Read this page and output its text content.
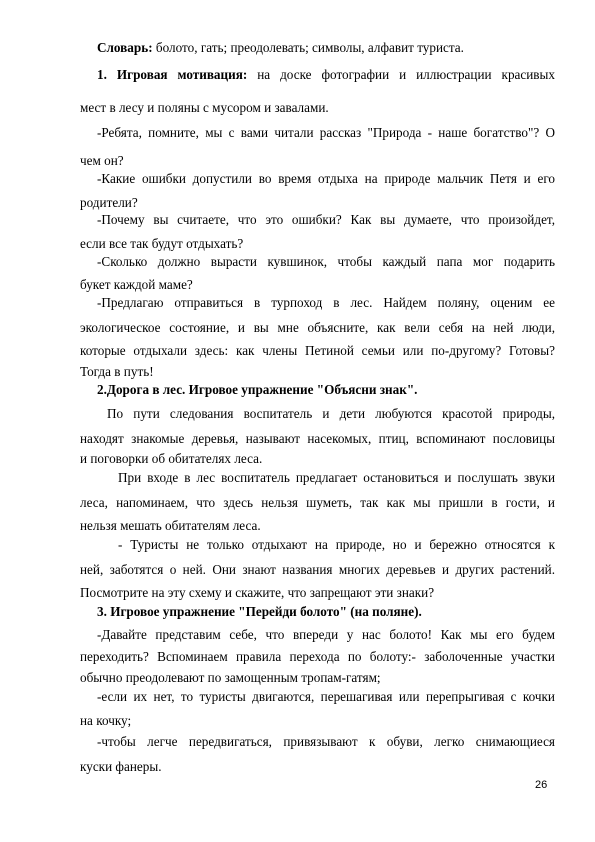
Словарь: болото, гать; преодолевать; символы, алфавит туриста.
1. Игровая мотивация: на доске фотографии и иллюстрации красивых
мест в лесу и поляны с мусором и завалами.
-Ребята, помните, мы с вами читали рассказ "Природа - наше богатство"? О
чем он?
-Какие ошибки допустили во время отдыха на природе мальчик Петя и его
родители?
-Почему вы считаете, что это ошибки? Как вы думаете, что произойдет,
если все так будут отдыхать?
-Сколько должно вырасти кувшинок, чтобы каждый папа мог подарить
букет каждой маме?
-Предлагаю отправиться в турпоход в лес. Найдем поляну, оценим ее
экологическое состояние, и вы мне объясните, как вели себя на ней люди,
которые отдыхали здесь: как члены Петиной семьи или по-другому? Готовы?
Тогда в путь!
2.Дорога в лес. Игровое упражнение "Объясни знак".
По пути следования воспитатель и дети любуются красотой природы,
находят знакомые деревья, называют насекомых, птиц, вспоминают пословицы
и поговорки об обитателях леса.
При входе в лес воспитатель предлагает остановиться и послушать звуки
леса, напоминаем, что здесь нельзя шуметь, так как мы пришли в гости, и
нельзя мешать обитателям леса.
- Туристы не только отдыхают на природе, но и бережно относятся к
ней, заботятся о ней. Они знают названия многих деревьев и других растений.
Посмотрите на эту схему и скажите, что запрещают эти знаки?
3. Игровое упражнение "Перейди болото" (на поляне).
-Давайте представим себе, что впереди у нас болото! Как мы его будем
переходить? Вспоминаем правила перехода по болоту:- заболоченные участки
обычно преодолевают по замощенным тропам-гатям;
-если их нет, то туристы двигаются, перешагивая или перепрыгивая с кочки
на кочку;
-чтобы легче передвигаться, привязывают к обуви, легко снимающиеся
куски фанеры.
26
